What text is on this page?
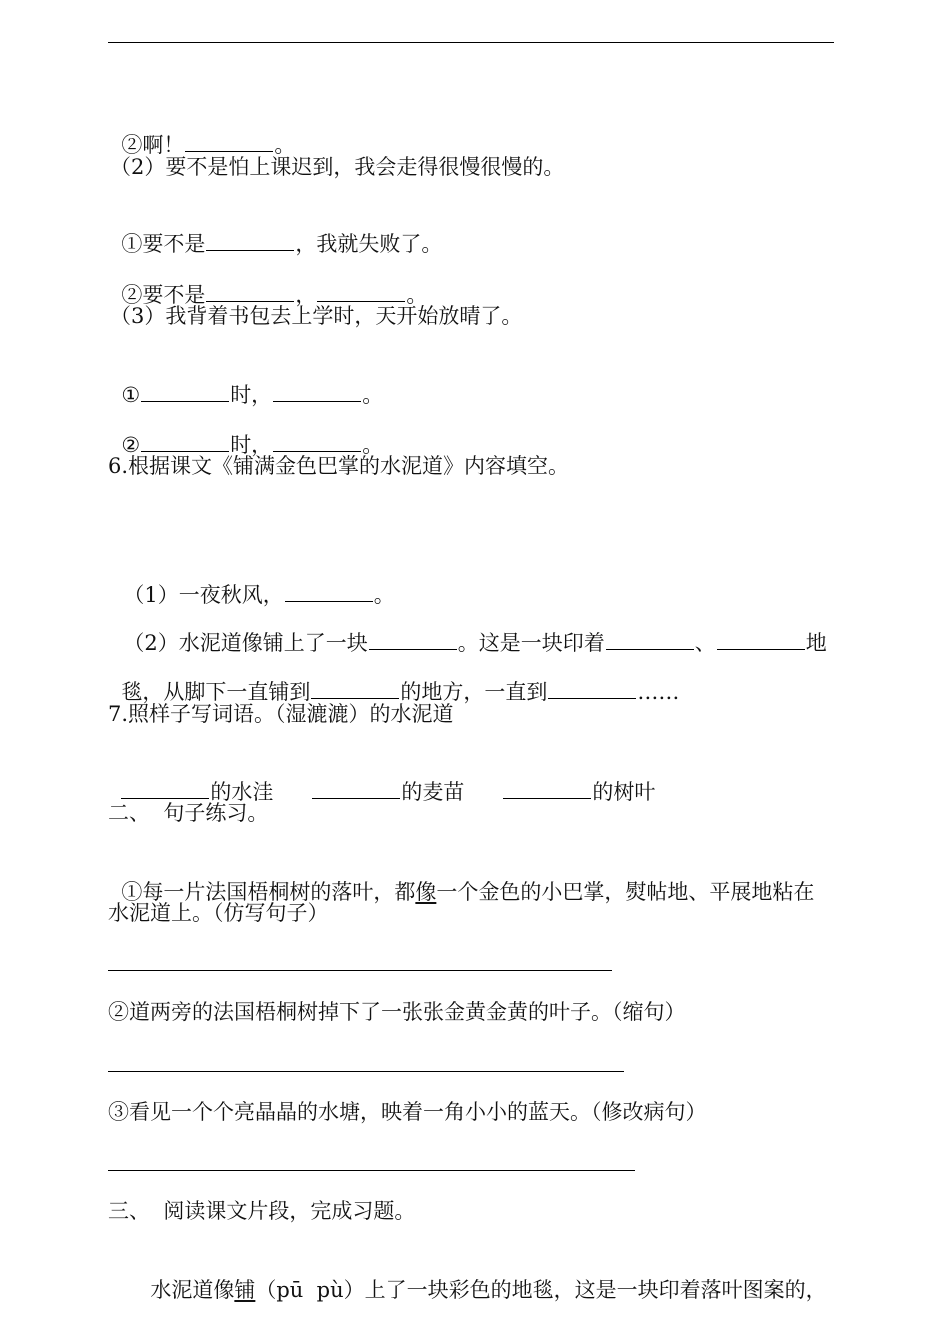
②啊！	。

（2）要不是怕上课迟到，我会走得很慢很慢的。

①要不是	，我就失败了。

②要不是	，	。

（3）我背着书包去上学时，天开始放晴了。

①	时，	。

②	时，	。

6.根据课文《铺满金色巴掌的水泥道》内容填空。

（1）一夜秋风，	。

（2）水泥道像铺上了一块	。这是一块印着	、	地

毯，从脚下一直铺到	的地方，一直到	……

7.照样子写词语。（湿漉漉）的水泥道

的水洼	的麦苗	的树叶

二、  句子练习。

①每一片法国梧桐树的落叶，都像一个金色的小巴掌，熨帖地、平展地粘在

水泥道上。（仿写句子）
②道两旁的法国梧桐树掉下了一张张金黄金黄的叶子。（缩句）
③看见一个个亮晶晶的水塘，映着一角小小的蓝天。（修改病句）
三、  阅读课文片段，完成习题。

水泥道像铺（pū  pù）上了一块彩色的地毯，这是一块印着落叶图案的，
